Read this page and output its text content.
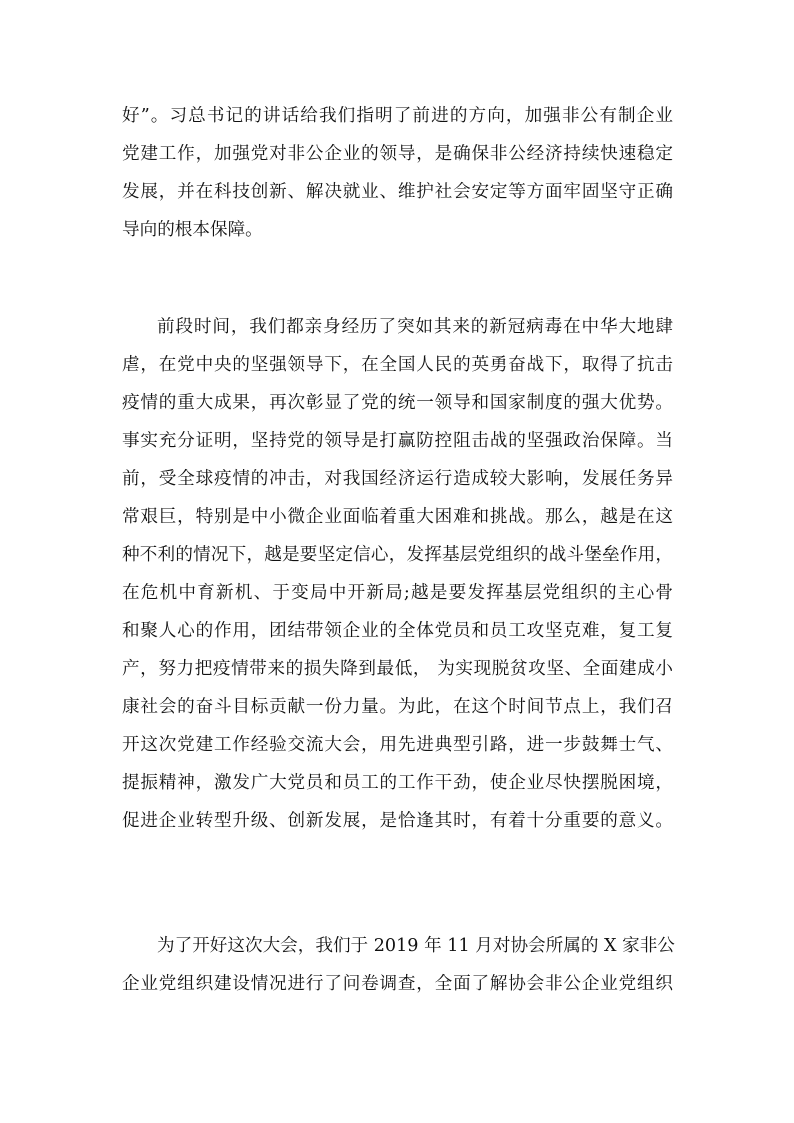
好”。习总书记的讲话给我们指明了前进的方向，加强非公有制企业
党建工作，加强党对非公企业的领导，是确保非公经济持续快速稳定
发展，并在科技创新、解决就业、维护社会安定等方面牢固坚守正确
导向的根本保障。
前段时间，我们都亲身经历了突如其来的新冠病毒在中华大地肆
虐，在党中央的坚强领导下，在全国人民的英勇奋战下，取得了抗击
疫情的重大成果，再次彰显了党的统一领导和国家制度的强大优势。
事实充分证明，坚持党的领导是打赢防控阻击战的坚强政治保障。当
前，受全球疫情的冲击，对我国经济运行造成较大影响，发展任务异
常艰巨，特别是中小微企业面临着重大困难和挑战。那么，越是在这
种不利的情况下，越是要坚定信心，发挥基层党组织的战斗堡垒作用，
在危机中育新机、于变局中开新局;越是要发挥基层党组织的主心骨
和聚人心的作用，团结带领企业的全体党员和员工攻坚克难，复工复
产，努力把疫情带来的损失降到最低， 为实现脱贫攻坚、全面建成小
康社会的奋斗目标贡献一份力量。为此，在这个时间节点上，我们召
开这次党建工作经验交流大会，用先进典型引路，进一步鼓舞士气、
提振精神，激发广大党员和员工的工作干劲，使企业尽快摆脱困境，
促进企业转型升级、创新发展，是恰逢其时，有着十分重要的意义。
为了开好这次大会，我们于 2019 年 11 月对协会所属的 X 家非公
企业党组织建设情况进行了问卷调查，全面了解协会非公企业党组织
